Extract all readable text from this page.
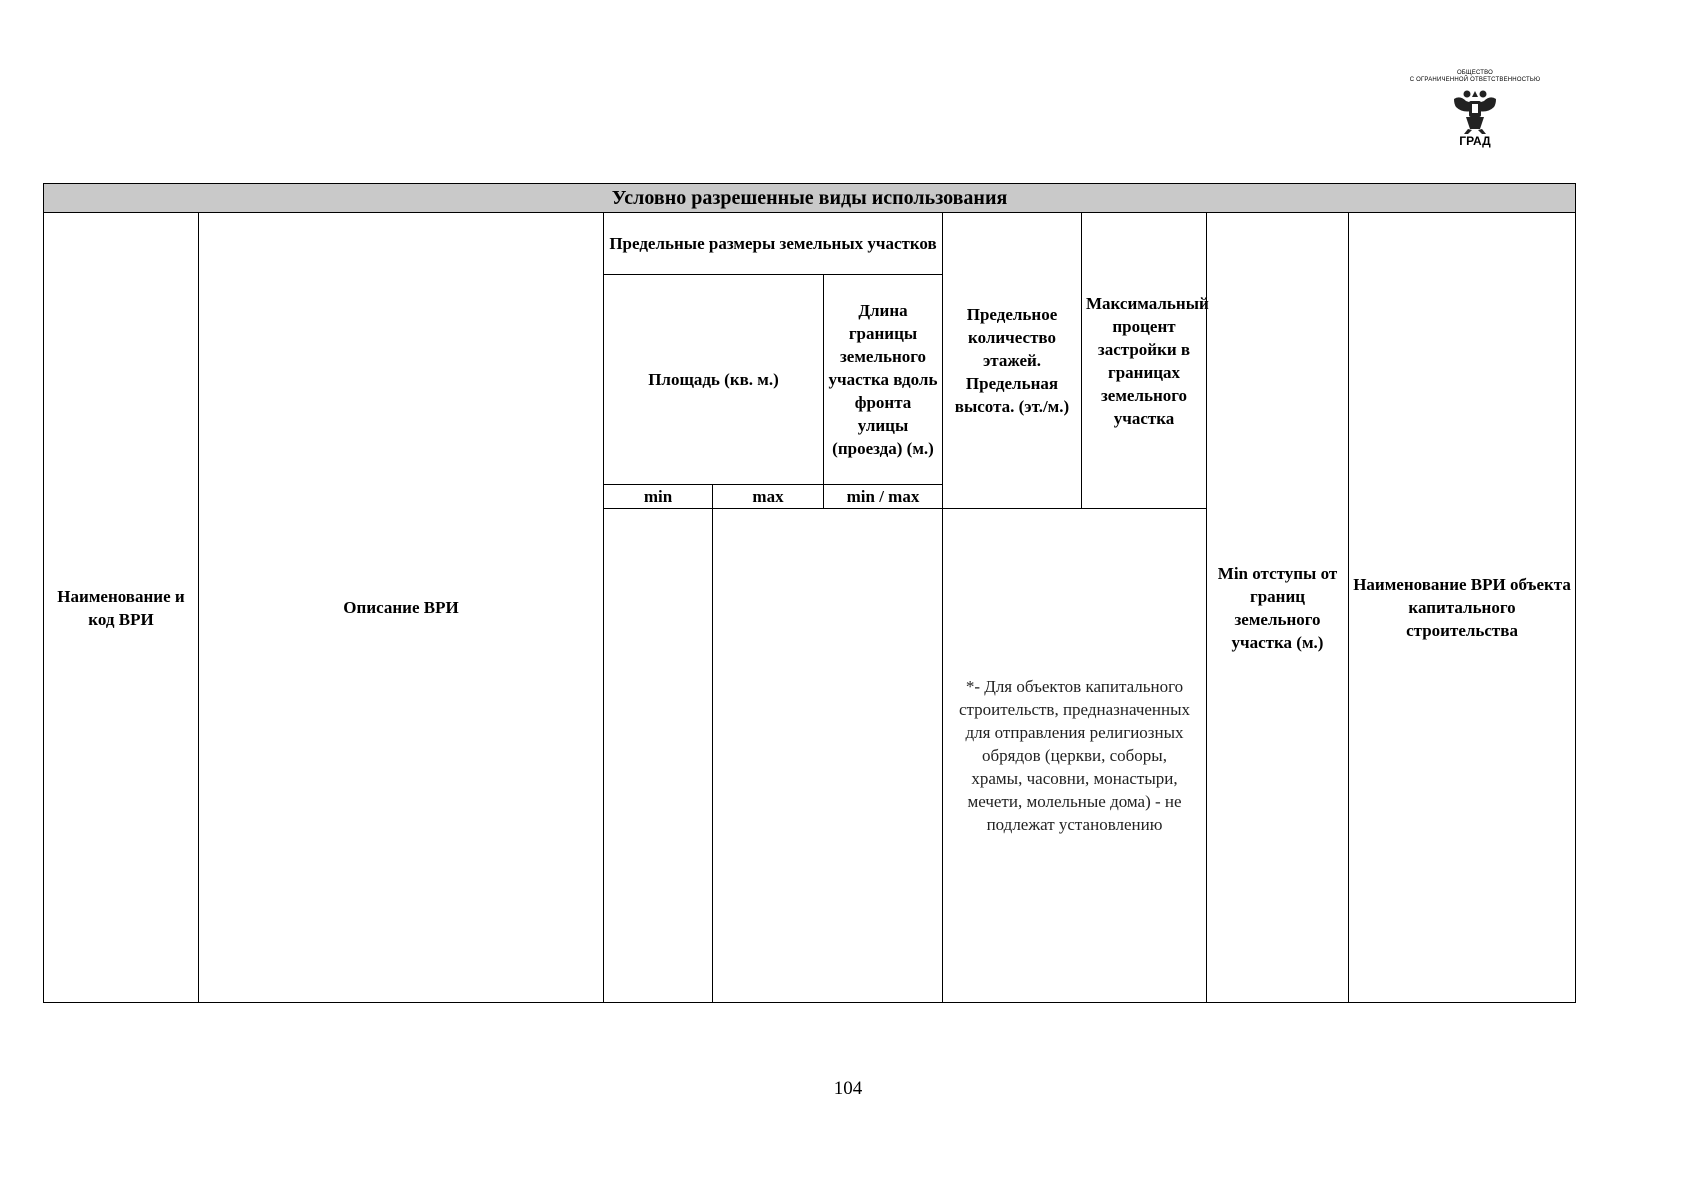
ОБЩЕСТВО
С ОГРАНИЧЕННОЙ ОТВЕТСТВЕННОСТЬЮ
ГРАД
Условно разрешенные виды использования								
Наименование и код ВРИ	Описание ВРИ	Предельные размеры земельных участков			Предельное количество этажей. Предельная высота. (эт./м.)	Максимальный процент застройки в границах земельного участка	Min отступы от границ земельного участка (м.)	Наименование ВРИ объекта капитального строительства
		Площадь (кв. м.)		Длина границы земельного участка вдоль фронта улицы (проезда) (м.)				
		min	max	min / max				
					*- Для объектов капитального строительств, предназначенных для отправления религиозных обрядов (церкви, соборы, храмы, часовни, монастыри, мечети, молельные дома) - не подлежат установлению			
104
